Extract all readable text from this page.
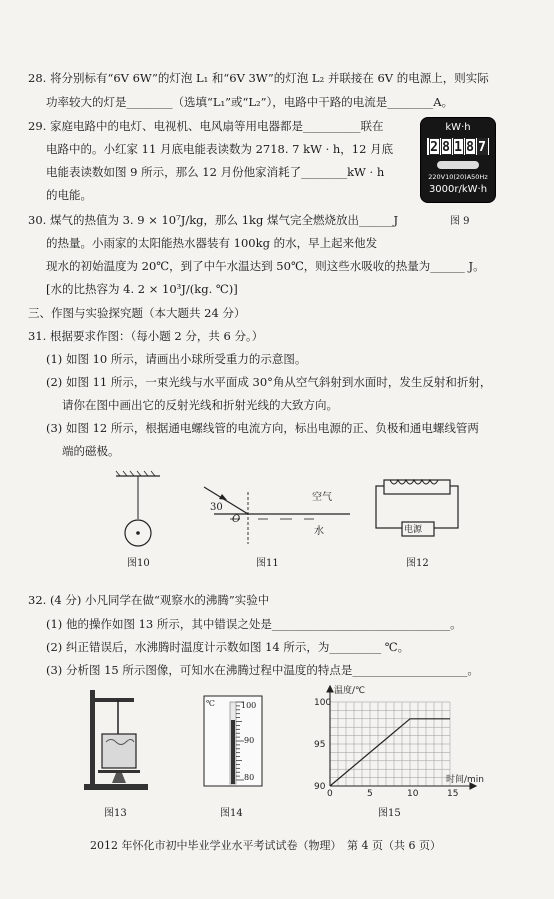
28. 将分别标有“6V 6W”的灯泡 L₁ 和“6V 3W”的灯泡 L₂ 并联接在 6V 的电源上，则实际
功率较大的灯是________（选填“L₁”或“L₂”），电路中干路的电流是________A。
29. 家庭电路中的电灯、电视机、电风扇等用电器都是__________联在
电路中的。小红家 11 月底电能表读数为 2718. 7 kW · h，12 月底
电能表读数如图 9 所示，那么 12 月份他家消耗了________kW · h
的电能。
kW·h
2 8 1 8 7
220V10(20)A50Hz
3000r/kW·h
图 9
30. 煤气的热值为 3. 9 × 10⁷J/kg，那么 1kg 煤气完全燃烧放出______J
的热量。小雨家的太阳能热水器装有 100kg 的水，早上起来他发
现水的初始温度为 20℃，到了中午水温达到 50℃，则这些水吸收的热量为______ J。
[水的比热容为 4. 2 × 10³J/(kg. ℃)]
三、作图与实验探究题（本大题共 24 分）
31. 根据要求作图：（每小题 2 分，共 6 分。）
(1) 如图 10 所示，请画出小球所受重力的示意图。
(2) 如图 11 所示，一束光线与水平面成 30°角从空气斜射到水面时，发生反射和折射，
请你在图中画出它的反射光线和折射光线的大致方向。
(3) 如图 12 所示，根据通电螺线管的电流方向，标出电源的正、负极和通电螺线管两
端的磁极。
图10
30
O
空气
水
图11
电源
图12
32. (4 分) 小凡同学在做“观察水的沸腾”实验中
(1) 他的操作如图 13 所示，其中错误之处是_______________________________。
(2) 纠正错误后，水沸腾时温度计示数如图 14 所示，为_________ ℃。
(3) 分析图 15 所示图像，可知水在沸腾过程中温度的特点是____________________。
图13
℃	100
90
80
图14
0	5	10	15
90
95
100
温度/℃
时间/min
图15
2012 年怀化市初中毕业学业水平考试试卷（物理）　第 4 页（共 6 页）
